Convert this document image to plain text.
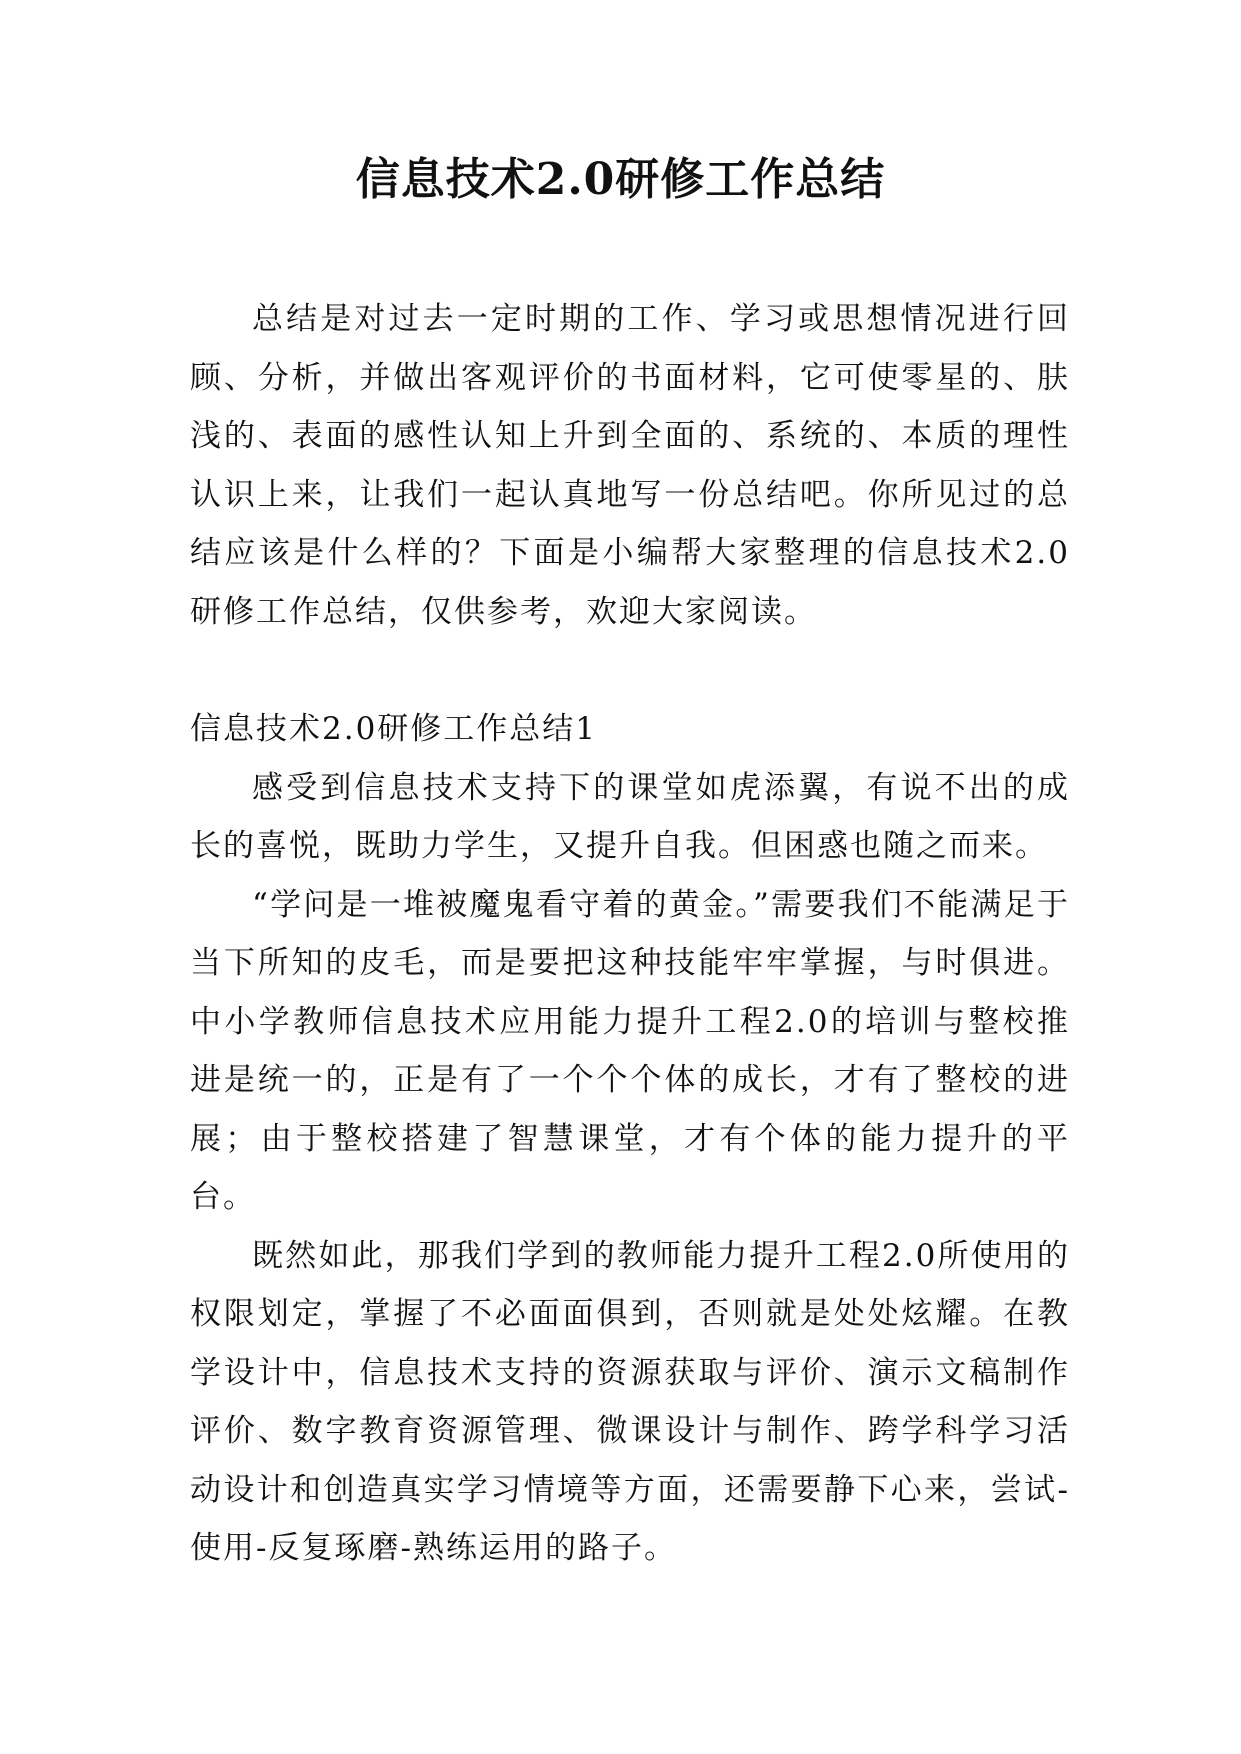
信息技术2.0研修工作总结

总结是对过去一定时期的工作、学习或思想情况进行回顾、分析，并做出客观评价的书面材料，它可使零星的、肤浅的、表面的感性认知上升到全面的、系统的、本质的理性认识上来，让我们一起认真地写一份总结吧。你所见过的总结应该是什么样的？下面是小编帮大家整理的信息技术2.0研修工作总结，仅供参考，欢迎大家阅读。

信息技术2.0研修工作总结1

感受到信息技术支持下的课堂如虎添翼，有说不出的成长的喜悦，既助力学生，又提升自我。但困惑也随之而来。

“学问是一堆被魔鬼看守着的黄金。”需要我们不能满足于当下所知的皮毛，而是要把这种技能牢牢掌握，与时俱进。中小学教师信息技术应用能力提升工程2.0的培训与整校推进是统一的，正是有了一个个个体的成长，才有了整校的进展；由于整校搭建了智慧课堂，才有个体的能力提升的平台。

既然如此，那我们学到的教师能力提升工程2.0所使用的权限划定，掌握了不必面面俱到，否则就是处处炫耀。在教学设计中，信息技术支持的资源获取与评价、演示文稿制作评价、数字教育资源管理、微课设计与制作、跨学科学习活动设计和创造真实学习情境等方面，还需要静下心来，尝试-使用-反复琢磨-熟练运用的路子。
